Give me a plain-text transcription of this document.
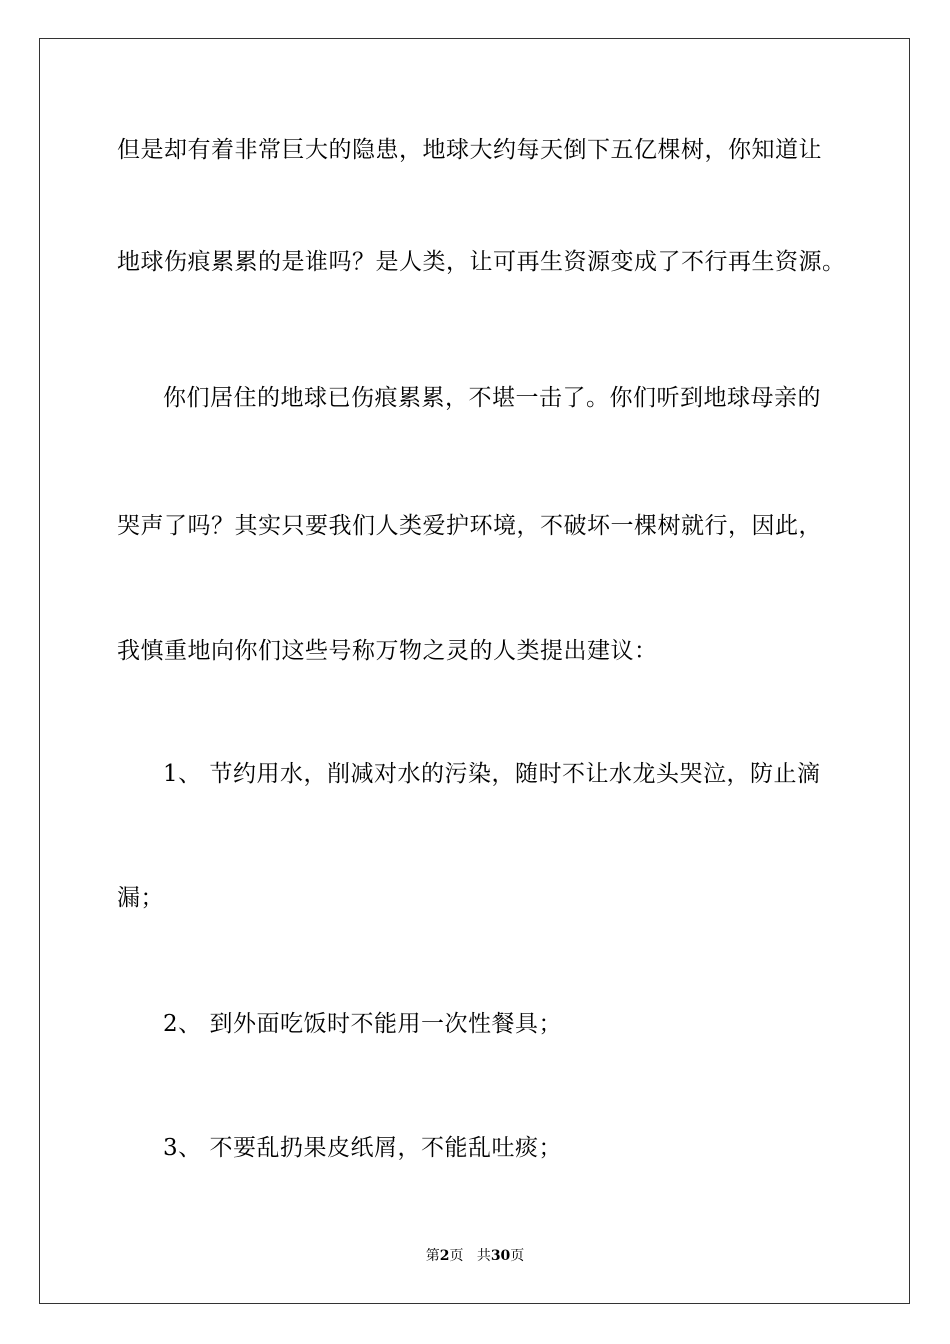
但是却有着非常巨大的隐患，地球大约每天倒下五亿棵树，你知道让
地球伤痕累累的是谁吗？是人类，让可再生资源变成了不行再生资源。
你们居住的地球已伤痕累累，不堪一击了。你们听到地球母亲的
哭声了吗？其实只要我们人类爱护环境，不破坏一棵树就行，因此，
我慎重地向你们这些号称万物之灵的人类提出建议：
1、 节约用水，削减对水的污染，随时不让水龙头哭泣，防止滴
漏；
2、 到外面吃饭时不能用一次性餐具；
3、 不要乱扔果皮纸屑，不能乱吐痰；
第2页 共30页
